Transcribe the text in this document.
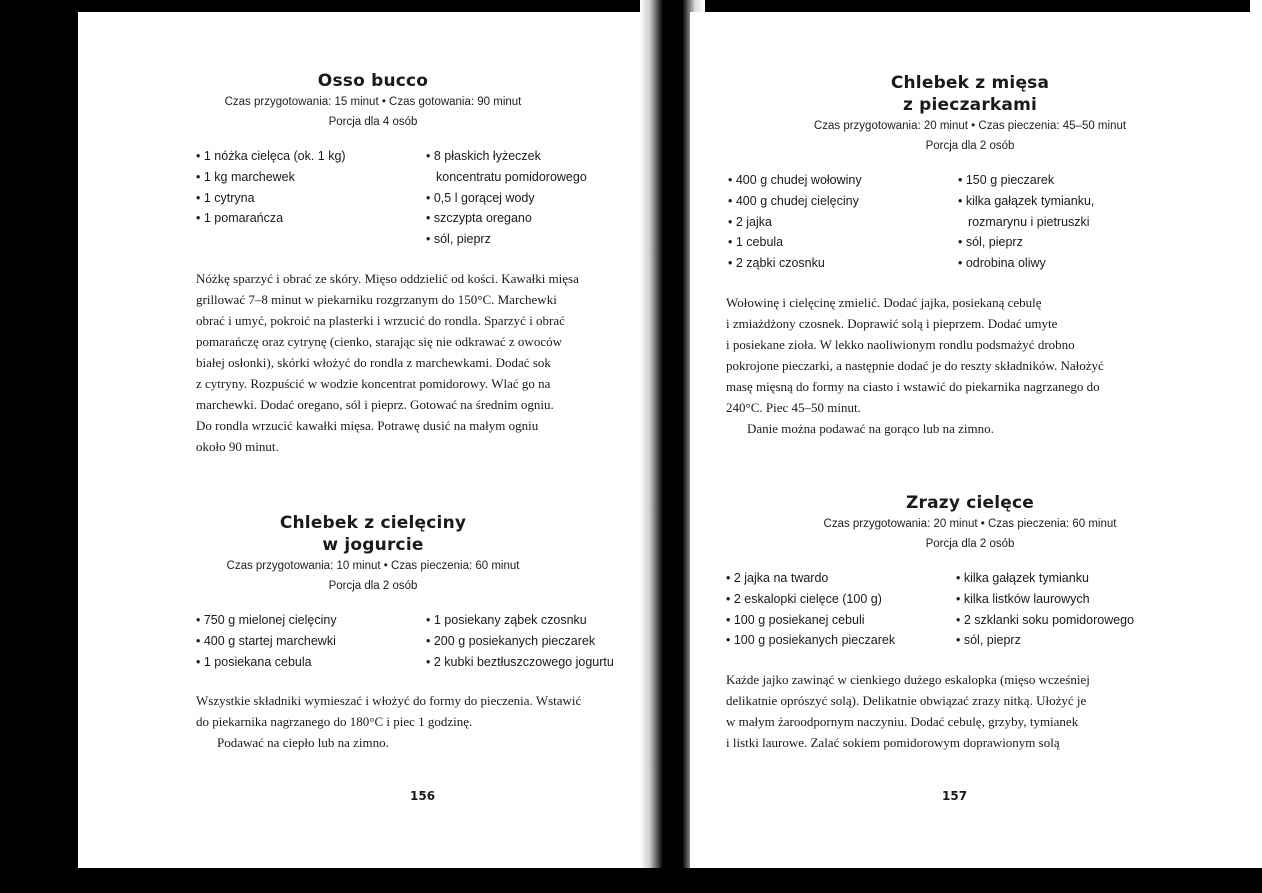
Osso bucco
Czas przygotowania: 15 minut • Czas gotowania: 90 minut
Porcja dla 4 osób
• 1 nóżka cielęca (ok. 1 kg)
• 1 kg marchewek
• 1 cytryna
• 1 pomarańcza
• 8 płaskich łyżeczek
koncentratu pomidorowego
• 0,5 l gorącej wody
• szczypta oregano
• sól, pieprz

Nóżkę sparzyć i obrać ze skóry. Mięso oddzielić od kości. Kawałki mięsa

grillować 7–8 minut w piekarniku rozgrzanym do 150°C. Marchewki

obrać i umyć, pokroić na plasterki i wrzucić do rondla. Sparzyć i obrać

pomarańczę oraz cytrynę (cienko, starając się nie odkrawać z owoców

białej osłonki), skórki włożyć do rondla z marchewkami. Dodać sok

z cytryny. Rozpuścić w wodzie koncentrat pomidorowy. Wlać go na

marchewki. Dodać oregano, sól i pieprz. Gotować na średnim ogniu.

Do rondla wrzucić kawałki mięsa. Potrawę dusić na małym ogniu

około 90 minut.

Chlebek z cielęciny
w jogurcie
Czas przygotowania: 10 minut • Czas pieczenia: 60 minut
Porcja dla 2 osób
• 750 g mielonej cielęciny
• 400 g startej marchewki
• 1 posiekana cebula
• 1 posiekany ząbek czosnku
• 200 g posiekanych pieczarek
• 2 kubki beztłuszczowego jogurtu

Wszystkie składniki wymieszać i włożyć do formy do pieczenia. Wstawić

do piekarnika nagrzanego do 180°C i piec 1 godzinę.

Podawać na ciepło lub na zimno.

156
Chlebek z mięsa
z pieczarkami
Czas przygotowania: 20 minut • Czas pieczenia: 45–50 minut
Porcja dla 2 osób
• 400 g chudej wołowiny
• 400 g chudej cielęciny
• 2 jajka
• 1 cebula
• 2 ząbki czosnku
• 150 g pieczarek
• kilka gałązek tymianku,
rozmarynu i pietruszki
• sól, pieprz
• odrobina oliwy

Wołowinę i cielęcinę zmielić. Dodać jajka, posiekaną cebulę

i zmiażdżony czosnek. Doprawić solą i pieprzem. Dodać umyte

i posiekane zioła. W lekko naoliwionym rondlu podsmażyć drobno

pokrojone pieczarki, a następnie dodać je do reszty składników. Nałożyć

masę mięsną do formy na ciasto i wstawić do piekarnika nagrzanego do

240°C. Piec 45–50 minut.

Danie można podawać na gorąco lub na zimno.

Zrazy cielęce
Czas przygotowania: 20 minut • Czas pieczenia: 60 minut
Porcja dla 2 osób
• 2 jajka na twardo
• 2 eskalopki cielęce (100 g)
• 100 g posiekanej cebuli
• 100 g posiekanych pieczarek
• kilka gałązek tymianku
• kilka listków laurowych
• 2 szklanki soku pomidorowego
• sól, pieprz

Każde jajko zawinąć w cienkiego dużego eskalopka (mięso wcześniej

delikatnie oprószyć solą). Delikatnie obwiązać zrazy nitką. Ułożyć je

w małym żaroodpornym naczyniu. Dodać cebulę, grzyby, tymianek

i listki laurowe. Zalać sokiem pomidorowym doprawionym solą

157
